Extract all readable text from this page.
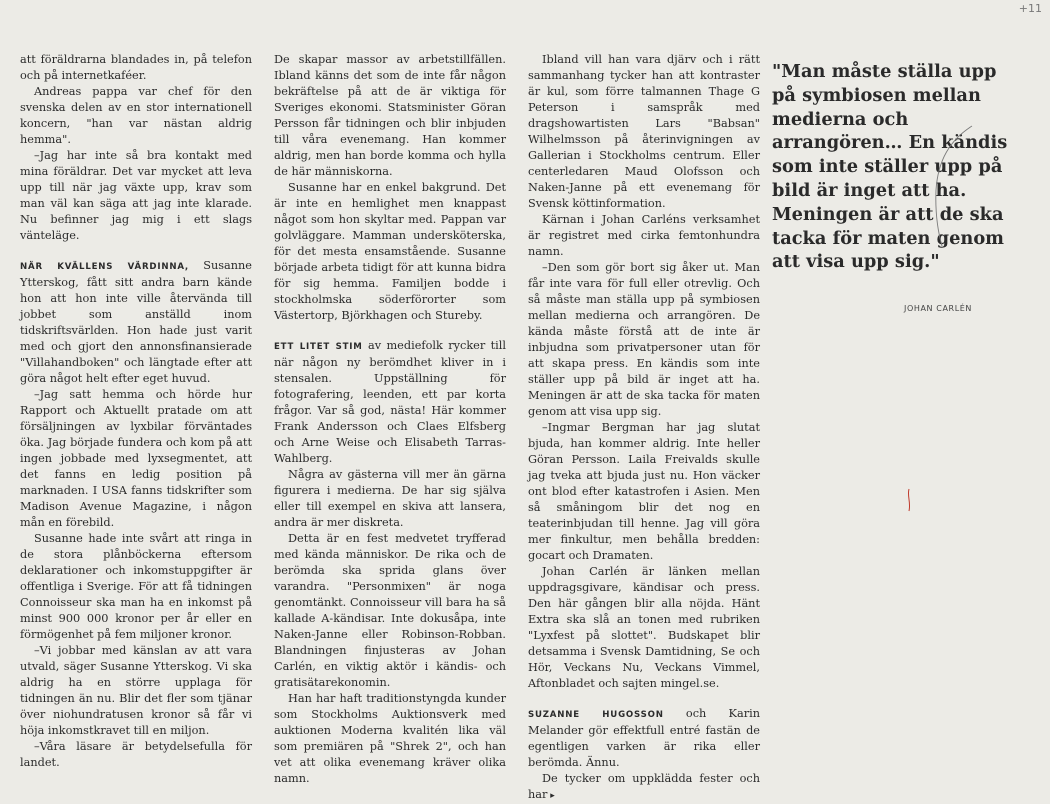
+11

att föräldrarna blandades in, på telefon och på internetkaféer.

Andreas pappa var chef för den svenska delen av en stor internationell koncern, "han var nästan aldrig hemma".

–Jag har inte så bra kontakt med mina föräldrar. Det var mycket att leva upp till när jag växte upp, krav som man väl kan säga att jag inte klarade. Nu befinner jag mig i ett slags vänteläge.

NÄR KVÄLLENS VÄRDINNA, Susanne Ytterskog, fått sitt andra barn kände hon att hon inte ville återvända till jobbet som anställd inom tidskriftsvärlden. Hon hade just varit med och gjort den annonsfinansierade "Villahandboken" och längtade efter att göra något helt efter eget huvud.

–Jag satt hemma och hörde hur Rapport och Aktuellt pratade om att försäljningen av lyxbilar förväntades öka. Jag började fundera och kom på att ingen jobbade med lyxsegmentet, att det fanns en ledig position på marknaden. I USA fanns tidskrifter som Madison Avenue Magazine, i någon mån en förebild.

Susanne hade inte svårt att ringa in de stora plånböckerna eftersom deklarationer och inkomstuppgifter är offentliga i Sverige. För att få tidningen Connoisseur ska man ha en inkomst på minst 900 000 kronor per år eller en förmögenhet på fem miljoner kronor.

–Vi jobbar med känslan av att vara utvald, säger Susanne Ytterskog. Vi ska aldrig ha en större upplaga för tidningen än nu. Blir det fler som tjänar över niohundratusen kronor så får vi höja inkomstkravet till en miljon.

–Våra läsare är betydelsefulla för landet.

De skapar massor av arbetstillfällen. Ibland känns det som de inte får någon bekräftelse på att de är viktiga för Sveriges ekonomi. Statsminister Göran Persson får tidningen och blir inbjuden till våra evenemang. Han kommer aldrig, men han borde komma och hylla de här människorna.

Susanne har en enkel bakgrund. Det är inte en hemlighet men knappast något som hon skyltar med. Pappan var golvläggare. Mamman undersköterska, för det mesta ensamstående. Susanne började arbeta tidigt för att kunna bidra för sig hemma. Familjen bodde i stockholmska söderförorter som Västertorp, Björkhagen och Stureby.

ETT LITET STIM av mediefolk rycker till när någon ny berömdhet kliver in i stensalen. Uppställning för fotografering, leenden, ett par korta frågor. Var så god, nästa! Här kommer Frank Andersson och Claes Elfsberg och Arne Weise och Elisabeth Tarras-Wahlberg.

Några av gästerna vill mer än gärna figurera i medierna. De har sig själva eller till exempel en skiva att lansera, andra är mer diskreta.

Detta är en fest medvetet tryfferad med kända människor. De rika och de berömda ska sprida glans över varandra. "Personmixen" är noga genomtänkt. Connoisseur vill bara ha så kallade A-kändisar. Inte dokusåpa, inte Naken-Janne eller Robinson-Robban. Blandningen finjusteras av Johan Carlén, en viktig aktör i kändis- och gratisätarekonomin.

Han har haft traditionstyngda kunder som Stockholms Auktionsverk med auktionen Moderna kvalitén lika väl som premiären på "Shrek 2", och han vet att olika evenemang kräver olika namn.

Ibland vill han vara djärv och i rätt sammanhang tycker han att kontraster är kul, som förre talmannen Thage G Peterson i samspråk med dragshowartisten Lars "Babsan" Wilhelmsson på återinvigningen av Gallerian i Stockholms centrum. Eller centerledaren Maud Olofsson och Naken-Janne på ett evenemang för Svensk köttinformation.

Kärnan i Johan Carléns verksamhet är registret med cirka femtonhundra namn.

–Den som gör bort sig åker ut. Man får inte vara för full eller otrevlig. Och så måste man ställa upp på symbiosen mellan medierna och arrangören. De kända måste förstå att de inte är inbjudna som privatpersoner utan för att skapa press. En kändis som inte ställer upp på bild är inget att ha. Meningen är att de ska tacka för maten genom att visa upp sig.

–Ingmar Bergman har jag slutat bjuda, han kommer aldrig. Inte heller Göran Persson. Laila Freivalds skulle jag tveka att bjuda just nu. Hon väcker ont blod efter katastrofen i Asien. Men så småningom blir det nog en teaterinbjudan till henne. Jag vill göra mer finkultur, men behålla bredden: gocart och Dramaten.

Johan Carlén är länken mellan uppdragsgivare, kändisar och press. Den här gången blir alla nöjda. Hänt Extra ska slå an tonen med rubriken "Lyxfest på slottet". Budskapet blir detsamma i Svensk Damtidning, Se och Hör, Veckans Nu, Veckans Vimmel, Aftonbladet och sajten mingel.se.

SUZANNE HUGOSSON och Karin Melander gör effektfull entré fastän de egentligen varken är rika eller berömda. Ännu.

De tycker om uppklädda fester och har ▸

"Man måste ställa upp på symbiosen mellan medierna och arrangören… En kändis som inte ställer upp på bild är inget att ha. Meningen är att de ska tacka för maten genom att visa upp sig."
JOHAN CARLÉN
